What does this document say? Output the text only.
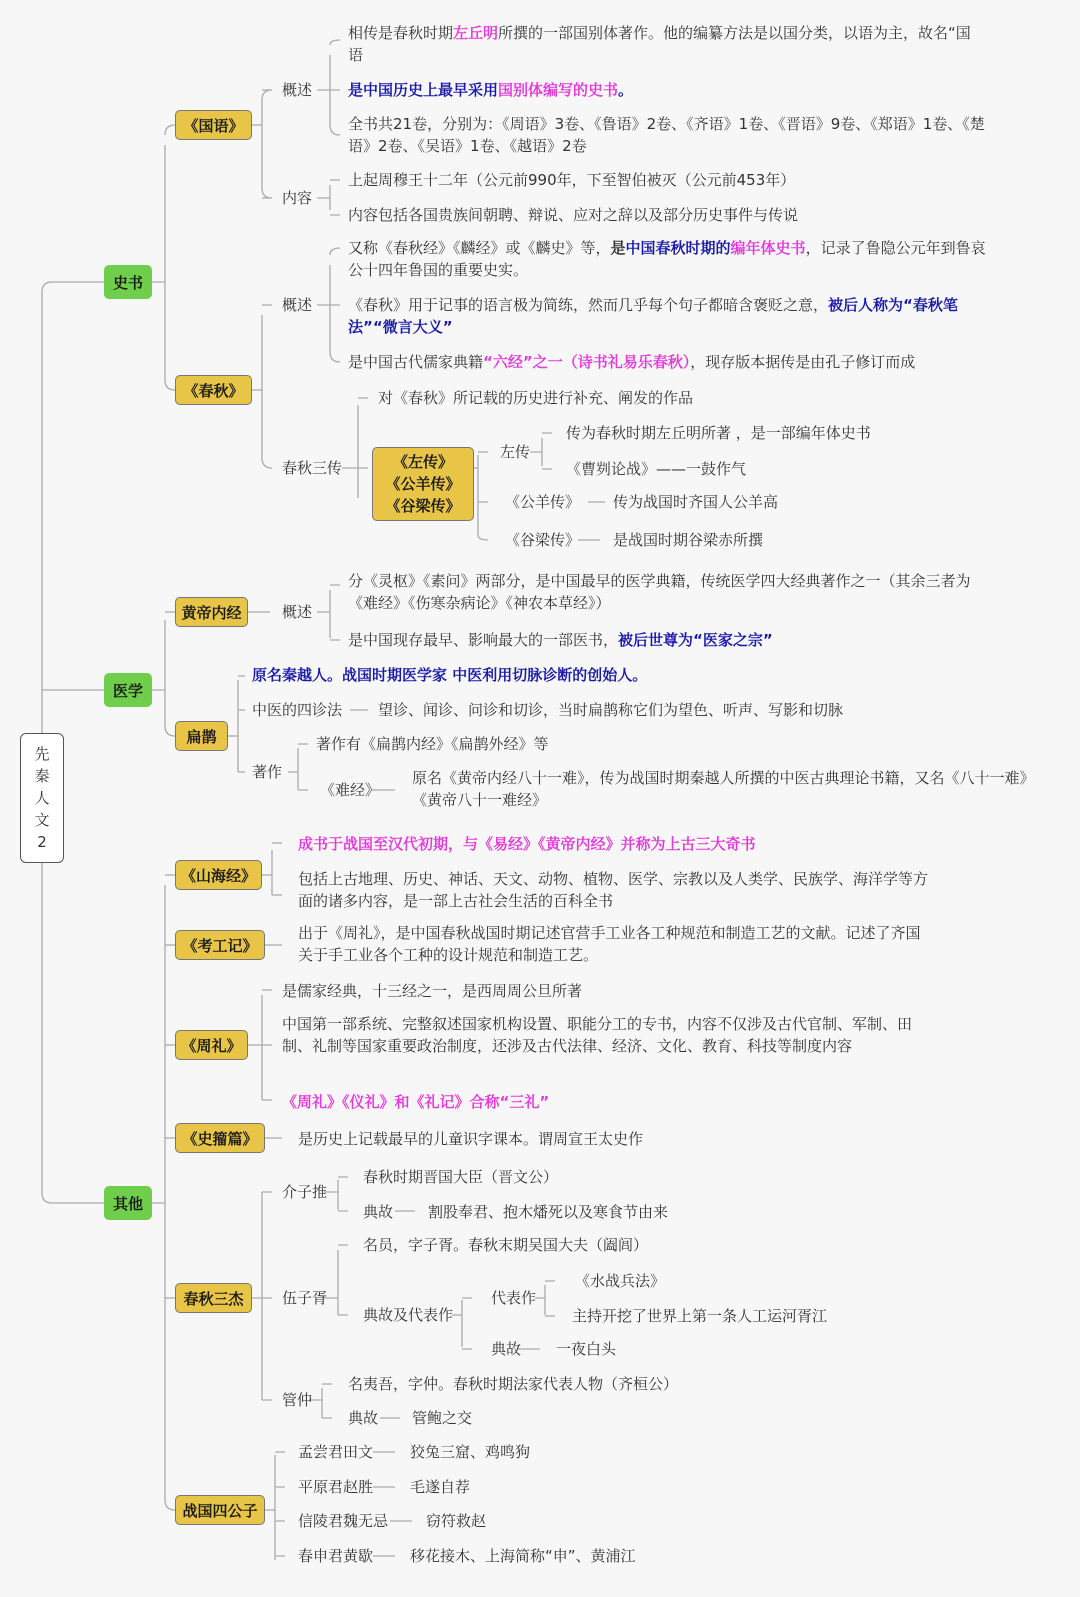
先
秦
人
文
2
史书
医学
其他
《国语》
概述
内容
相传是春秋时期左丘明所撰的一部国别体著作。他的编纂方法是以国分类，以语为主，故名“国语
是中国历史上最早采用国别体编写的史书。
全书共21卷，分别为：《周语》3卷、《鲁语》2卷、《齐语》1卷、《晋语》9卷、《郑语》1卷、《楚语》2卷、《吴语》1卷、《越语》2卷
上起周穆王十二年（公元前990年，下至智伯被灭（公元前453年）
内容包括各国贵族间朝聘、辩说、应对之辞以及部分历史事件与传说
《春秋》
概述
春秋三传
又称《春秋经》《麟经》或《麟史》等，是中国春秋时期的编年体史书，记录了鲁隐公元年到鲁哀公十四年鲁国的重要史实。
《春秋》用于记事的语言极为简练，然而几乎每个句子都暗含褒贬之意，被后人称为“春秋笔法”“微言大义”
是中国古代儒家典籍“六经”之一（诗书礼易乐春秋），现存版本据传是由孔子修订而成
对《春秋》所记载的历史进行补充、阐发的作品
《左传》
《公羊传》
《谷梁传》
左传
传为春秋时期左丘明所著 ，是一部编年体史书
《曹刿论战》——一鼓作气
《公羊传》 传为战国时齐国人公羊高
《谷梁传》 是战国时期谷梁赤所撰
黄帝内经	概述
分《灵枢》《素问》两部分，是中国最早的医学典籍，传统医学四大经典著作之一（其余三者为《难经》《伤寒杂病论》《神农本草经》）
是中国现存最早、影响最大的一部医书，被后世尊为“医家之宗”
扁鹊
原名秦越人。战国时期医学家 中医利用切脉诊断的创始人。
中医的四诊法 望诊、闻诊、问诊和切诊，当时扁鹊称它们为望色、听声、写影和切脉
著作
著作有《扁鹊内经》《扁鹊外经》等
《难经》
原名《黄帝内经八十一难》，传为战国时期秦越人所撰的中医古典理论书籍，又名《八十一难》《黄帝八十一难经》
《山海经》
成书于战国至汉代初期，与《易经》《黄帝内经》并称为上古三大奇书
包括上古地理、历史、神话、天文、动物、植物、医学、宗教以及人类学、民族学、海洋学等方面的诸多内容，是一部上古社会生活的百科全书
《考工记》
出于《周礼》，是中国春秋战国时期记述官营手工业各工种规范和制造工艺的文献。记述了齐国关于手工业各个工种的设计规范和制造工艺。
《周礼》
是儒家经典，十三经之一，是西周周公旦所著
中国第一部系统、完整叙述国家机构设置、职能分工的专书，内容不仅涉及古代官制、军制、田制、礼制等国家重要政治制度，还涉及古代法律、经济、文化、教育、科技等制度内容
《周礼》《仪礼》和《礼记》合称“三礼”
《史籀篇》	是历史上记载最早的儿童识字课本。谓周宣王太史作
春秋三杰
介子推
春秋时期晋国大臣（晋文公）
典故 割股奉君、抱木燔死以及寒食节由来
伍子胥
名员，字子胥。春秋末期吴国大夫（阖闾）
典故及代表作
代表作
《水战兵法》
主持开挖了世界上第一条人工运河胥江
典故 一夜白头
管仲
名夷吾，字仲。春秋时期法家代表人物（齐桓公）
典故 管鲍之交
战国四公子
孟尝君田文 狡兔三窟、鸡鸣狗
平原君赵胜 毛遂自荐
信陵君魏无忌	窃符救赵
春申君黄歇 移花接木、上海简称“申”、黄浦江
